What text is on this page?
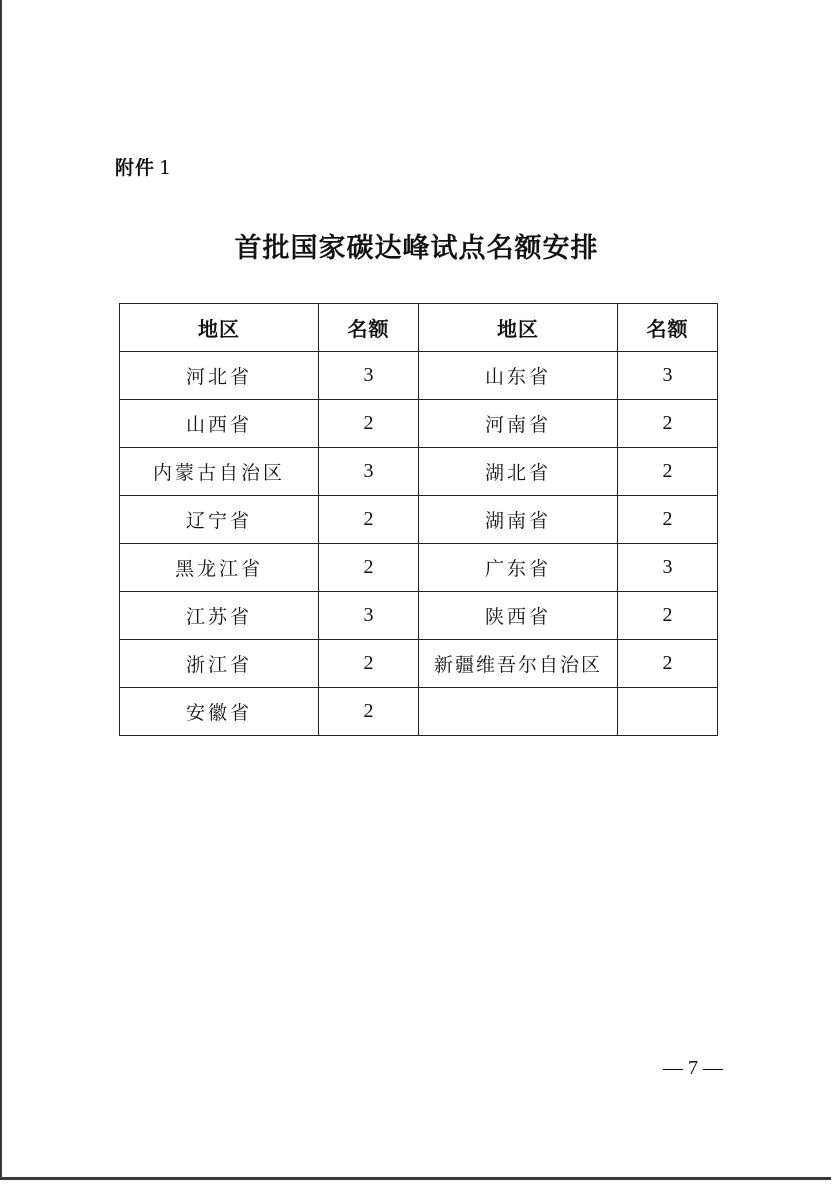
附件 1
首批国家碳达峰试点名额安排
地区	名额	地区	名额
河北省	3	山东省	3
山西省	2	河南省	2
内蒙古自治区	3	湖北省	2
辽宁省	2	湖南省	2
黑龙江省	2	广东省	3
江苏省	3	陕西省	2
浙江省	2	新疆维吾尔自治区	2
安徽省	2		
— 7 —
